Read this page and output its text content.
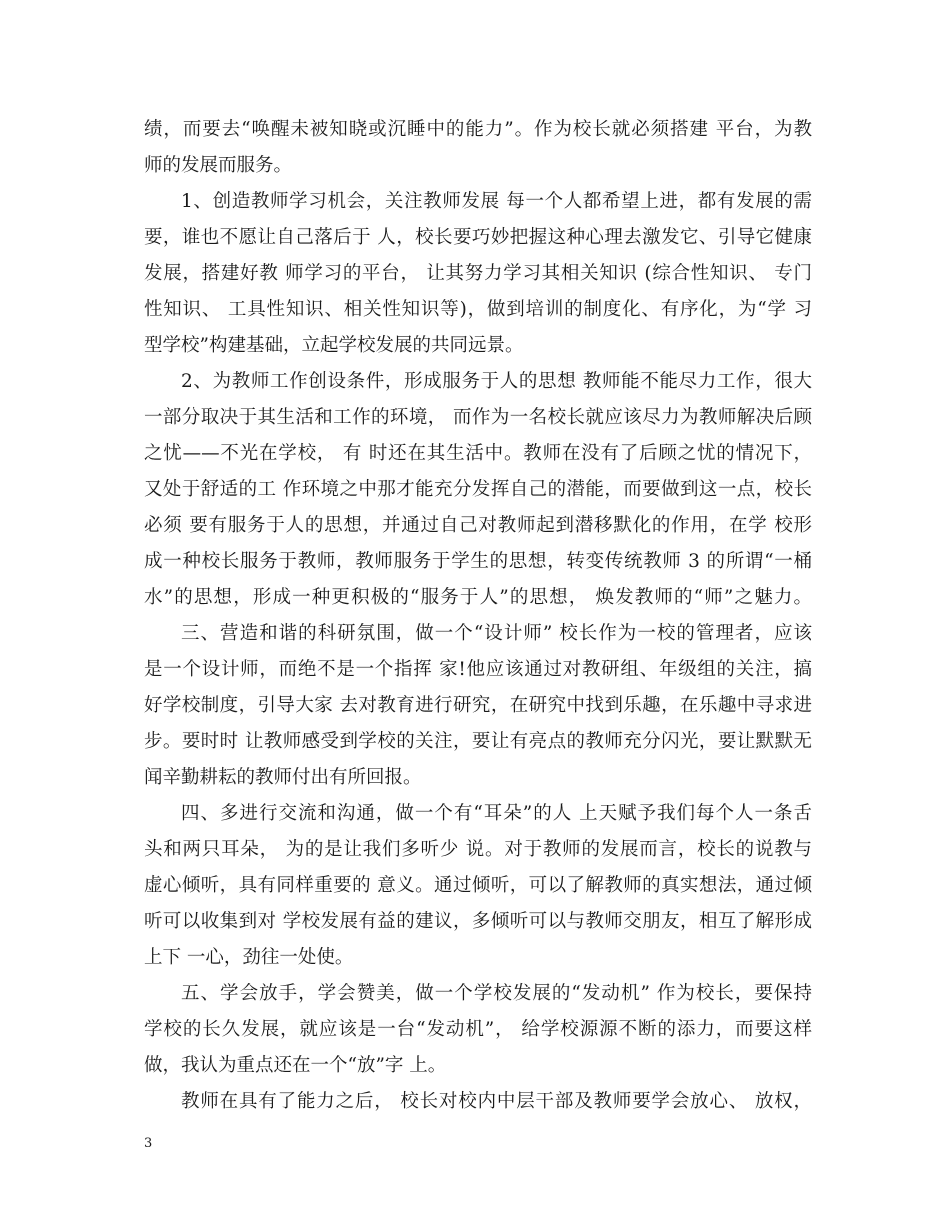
绩，而要去“唤醒未被知晓或沉睡中的能力”。作为校长就必须搭建 平台，为教
师的发展而服务。

1、创造教师学习机会，关注教师发展 每一个人都希望上进，都有发展的需
要，谁也不愿让自己落后于 人，校长要巧妙把握这种心理去激发它、引导它健康
发展，搭建好教 师学习的平台， 让其努力学习其相关知识 (综合性知识、 专门
性知识、 工具性知识、相关性知识等)，做到培训的制度化、有序化，为“学 习
型学校”构建基础，立起学校发展的共同远景。

2、为教师工作创设条件，形成服务于人的思想 教师能不能尽力工作，很大
一部分取决于其生活和工作的环境， 而作为一名校长就应该尽力为教师解决后顾
之忧——不光在学校， 有 时还在其生活中。教师在没有了后顾之忧的情况下，
又处于舒适的工 作环境之中那才能充分发挥自己的潜能，而要做到这一点，校长
必须 要有服务于人的思想，并通过自己对教师起到潜移默化的作用，在学 校形
成一种校长服务于教师，教师服务于学生的思想，转变传统教师 3 的所谓“一桶
水”的思想，形成一种更积极的“服务于人”的思想， 焕发教师的“师”之魅力。

三、营造和谐的科研氛围，做一个“设计师” 校长作为一校的管理者，应该
是一个设计师，而绝不是一个指挥 家!他应该通过对教研组、年级组的关注，搞
好学校制度，引导大家 去对教育进行研究，在研究中找到乐趣，在乐趣中寻求进
步。要时时 让教师感受到学校的关注，要让有亮点的教师充分闪光，要让默默无
闻辛勤耕耘的教师付出有所回报。

四、多进行交流和沟通，做一个有“耳朵”的人 上天赋予我们每个人一条舌
头和两只耳朵， 为的是让我们多听少 说。对于教师的发展而言，校长的说教与
虚心倾听，具有同样重要的 意义。通过倾听，可以了解教师的真实想法，通过倾
听可以收集到对 学校发展有益的建议，多倾听可以与教师交朋友，相互了解形成
上下 一心，劲往一处使。

五、学会放手，学会赞美，做一个学校发展的“发动机” 作为校长，要保持
学校的长久发展，就应该是一台“发动机”， 给学校源源不断的添力，而要这样
做，我认为重点还在一个“放”字 上。

教师在具有了能力之后， 校长对校内中层干部及教师要学会放心、 放权，

3
